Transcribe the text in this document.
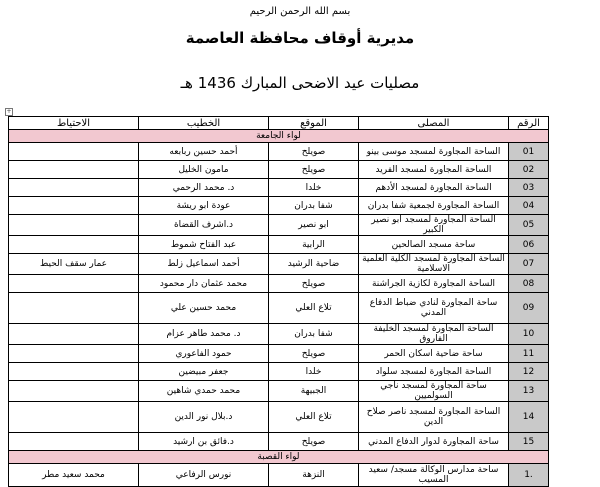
بسم الله الرحمن الرحيم
مديرية أوقاف محافظة العاصمة
مصليات عيد الاضحى المبارك 1436 هـ
+
الرقم	المصلى	الموقع	الخطيب	الاحتياط
لواء الجامعة				
01	الساحة المجاورة لمسجد موسى بينو	صويلح	أحمد حسين ربابعه	
02	الساحة المجاورة لمسجد الفريد	صويلح	مامون الخليل	
03	الساحة المجاورة لمسجد الأدهم	خلدا	د. محمد الرحمي	
04	الساحة المجاورة لجمعية شفا بدران	شفا بدران	عودة ابو ريشة	
05	الساحة المجاورة لمسجد ابو نصير الكبير	ابو نصير	د.اشرف القضاة	
06	ساحة مسجد الصالحين	الرابية	عبد الفتاح شموط	
07	الساحة المجاورة لمسجد الكلية العلمية الاسلامية	ضاحية الرشيد	أحمد اسماعيل زلط	عمار سقف الحيط
08	الساحة المجاورة لكازية الجراشنة	صويلح	محمد عثمان دار محمود	
09	ساحة المجاورة لنادي ضباط الدفاع المدني	تلاع العلي	محمد حسين علي	
10	الساحة المجاورة لمسجد الخليفة الفاروق	شفا بدران	د. محمد طاهر عزام	
11	ساحة ضاحية اسكان الحمر	صويلح	حمود الفاعوري	
12	الساحة المجاورة لمسجد سلواد	خلدا	جعفر مبيضين	
13	ساحة المجاورة لمسجد ناجي السولميين	الجبيهة	محمد حمدي شاهين	
14	الساحة المجاورة لمسجد ناصر صلاح الدين	تلاع العلي	د.بلال نور الدين	
15	ساحة المجاورة لدوار الدفاع المدني	صويلح	د.فائق بن ارشيد	
لواء القصبة				
.1	ساحة مدارس الوكالة مسجد/ سعيد المسيب	النزهة	نورس الرفاعي	محمد سعيد مطر
